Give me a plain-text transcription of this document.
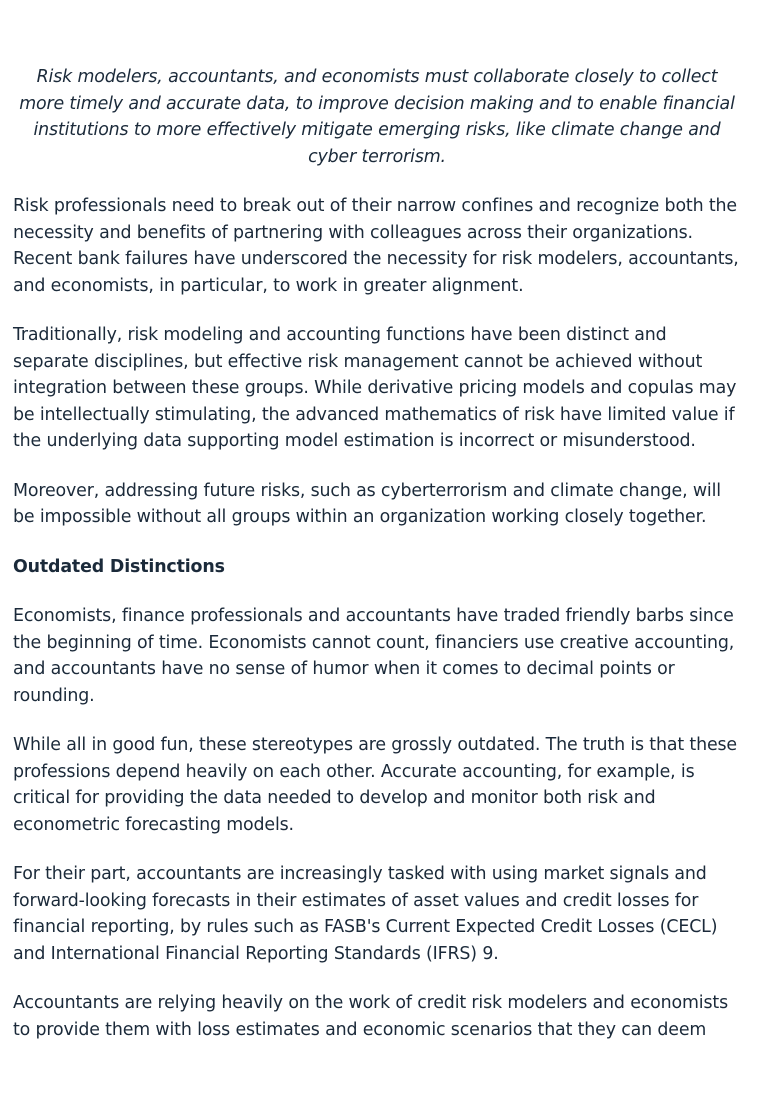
Risk modelers, accountants, and economists must collaborate closely to collect more timely and accurate data, to improve decision making and to enable financial institutions to more effectively mitigate emerging risks, like climate change and cyber terrorism.

Risk professionals need to break out of their narrow confines and recognize both the necessity and benefits of partnering with colleagues across their organizations. Recent bank failures have underscored the necessity for risk modelers, accountants, and economists, in particular, to work in greater alignment.

Traditionally, risk modeling and accounting functions have been distinct and separate disciplines, but effective risk management cannot be achieved without integration between these groups. While derivative pricing models and copulas may be intellectually stimulating, the advanced mathematics of risk have limited value if the underlying data supporting model estimation is incorrect or misunderstood.

Moreover, addressing future risks, such as cyberterrorism and climate change, will be impossible without all groups within an organization working closely together.

Outdated Distinctions

Economists, finance professionals and accountants have traded friendly barbs since the beginning of time. Economists cannot count, financiers use creative accounting, and accountants have no sense of humor when it comes to decimal points or rounding.

While all in good fun, these stereotypes are grossly outdated. The truth is that these professions depend heavily on each other. Accurate accounting, for example, is critical for providing the data needed to develop and monitor both risk and econometric forecasting models.

For their part, accountants are increasingly tasked with using market signals and forward-looking forecasts in their estimates of asset values and credit losses for financial reporting, by rules such as FASB's Current Expected Credit Losses (CECL) and International Financial Reporting Standards (IFRS) 9.

Accountants are relying heavily on the work of credit risk modelers and economists to provide them with loss estimates and economic scenarios that they can deem
